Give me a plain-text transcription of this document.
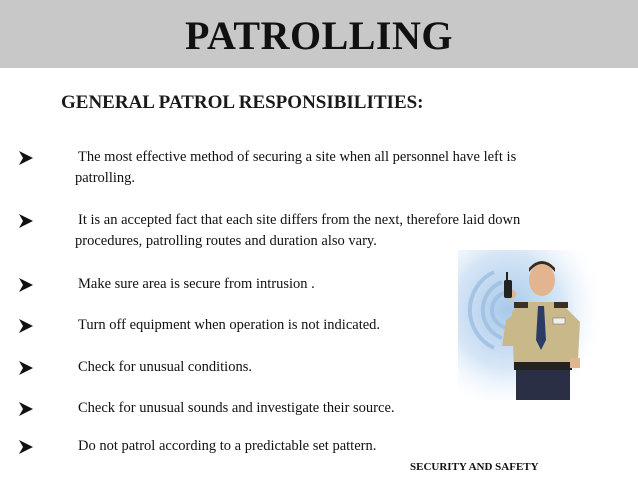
PATROLLING
GENERAL PATROL RESPONSIBILITIES:
The most effective method of securing a site when all personnel have left is
patrolling.
It is an accepted fact that each site differs from the next, therefore laid down
procedures, patrolling routes and duration also vary.
Make sure area is secure from intrusion .
Turn off equipment when operation is not indicated.
Check for unusual conditions.
Check for unusual sounds and investigate their source.
Do not patrol according to a predictable set pattern.
SECURITY AND SAFETY
